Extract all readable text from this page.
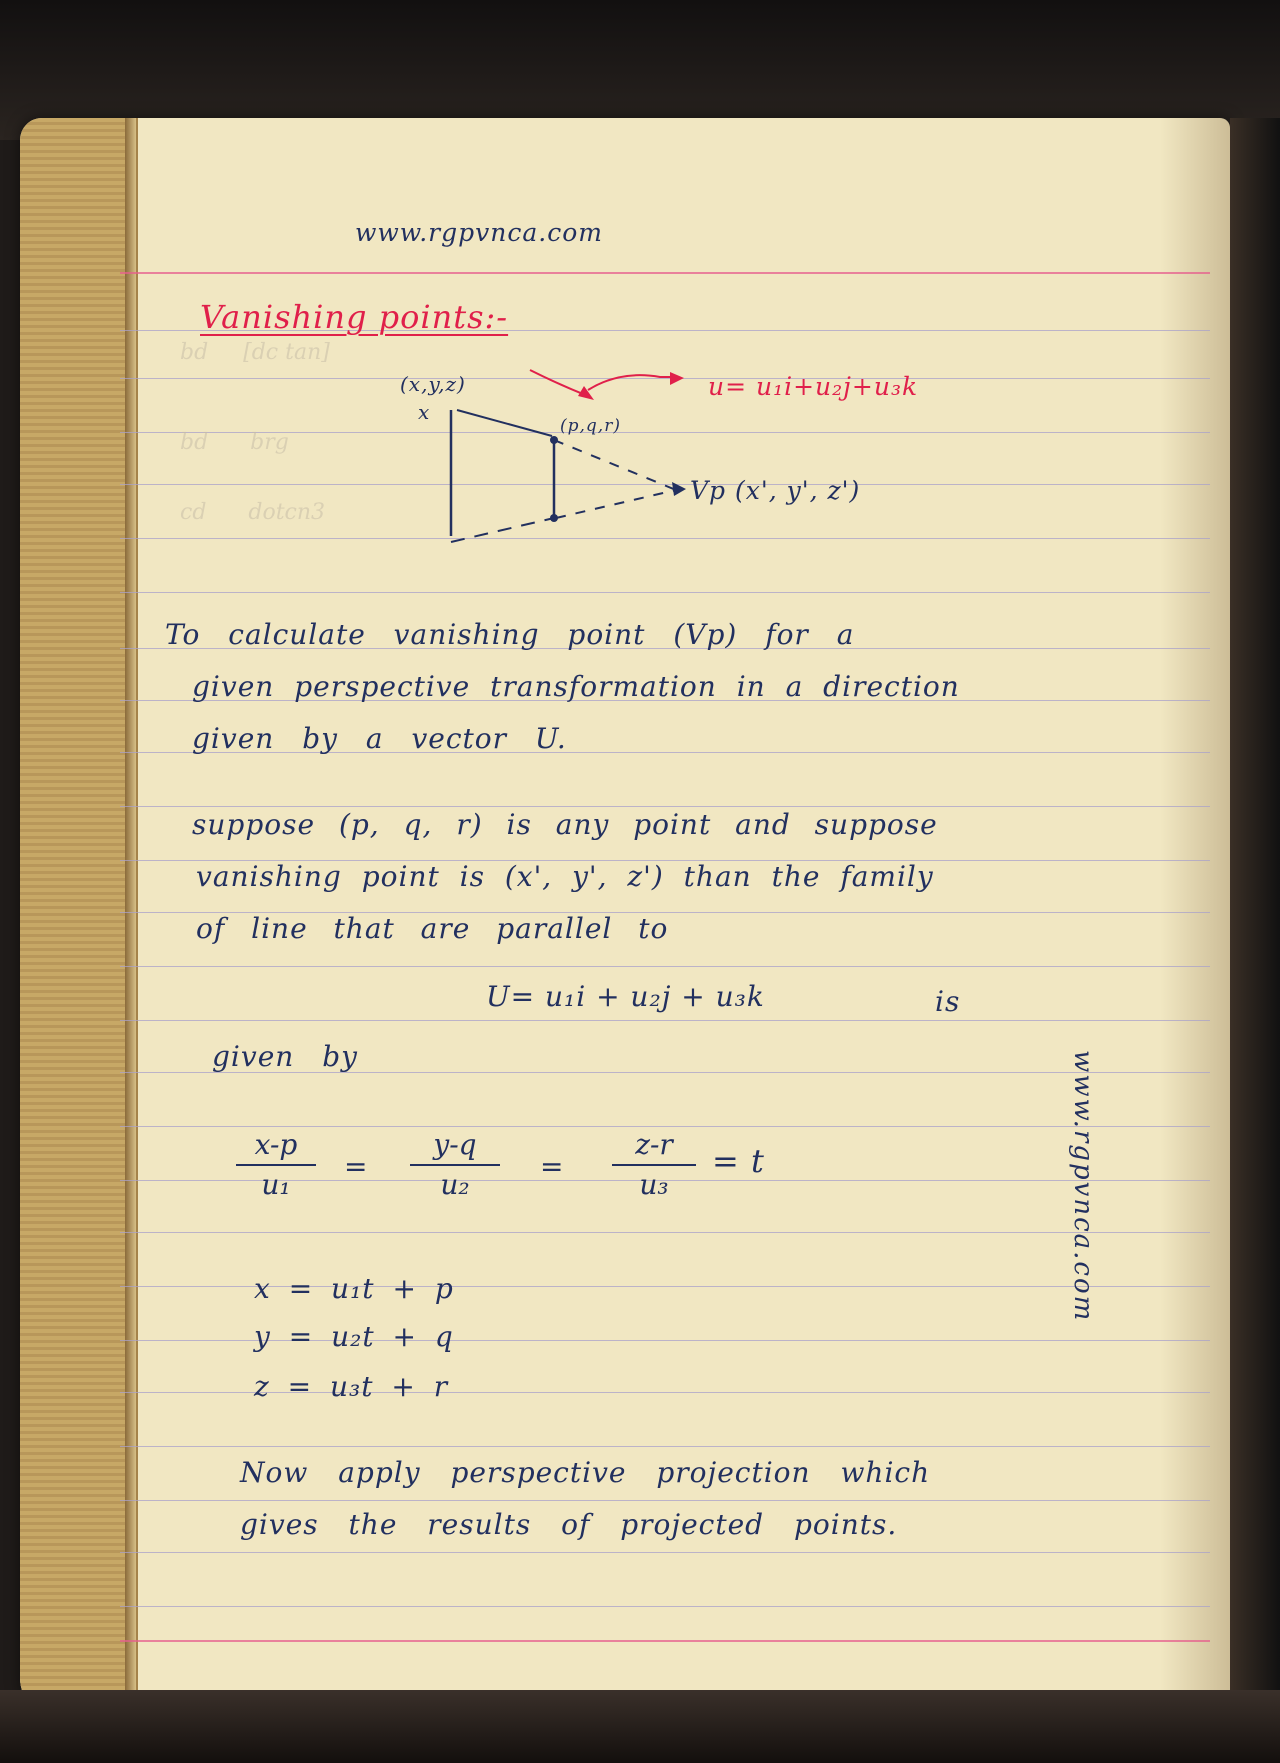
bd     [dc tan]
bd      brg
cd      dotcn3
www.rgpvnca.com
Vanishing points:-
(x,y,z)
x
u= u₁i+u₂j+u₃k
(p,q,r)
Vp (x', y', z')
To calculate vanishing point (Vp) for a
given perspective transformation in a direction
given by a vector U.
suppose (p, q, r) is any point and suppose
vanishing point is (x', y', z') than the family
of line that are parallel to
U= u₁i + u₂j + u₃k	is
given by
x-p
u₁
=
y-q
u₂
=
z-r
u₃
= t
x = u₁t + p
y = u₂t + q
z = u₃t + r
Now apply perspective projection which
gives the results of projected points.
www.rgpvnca.com
